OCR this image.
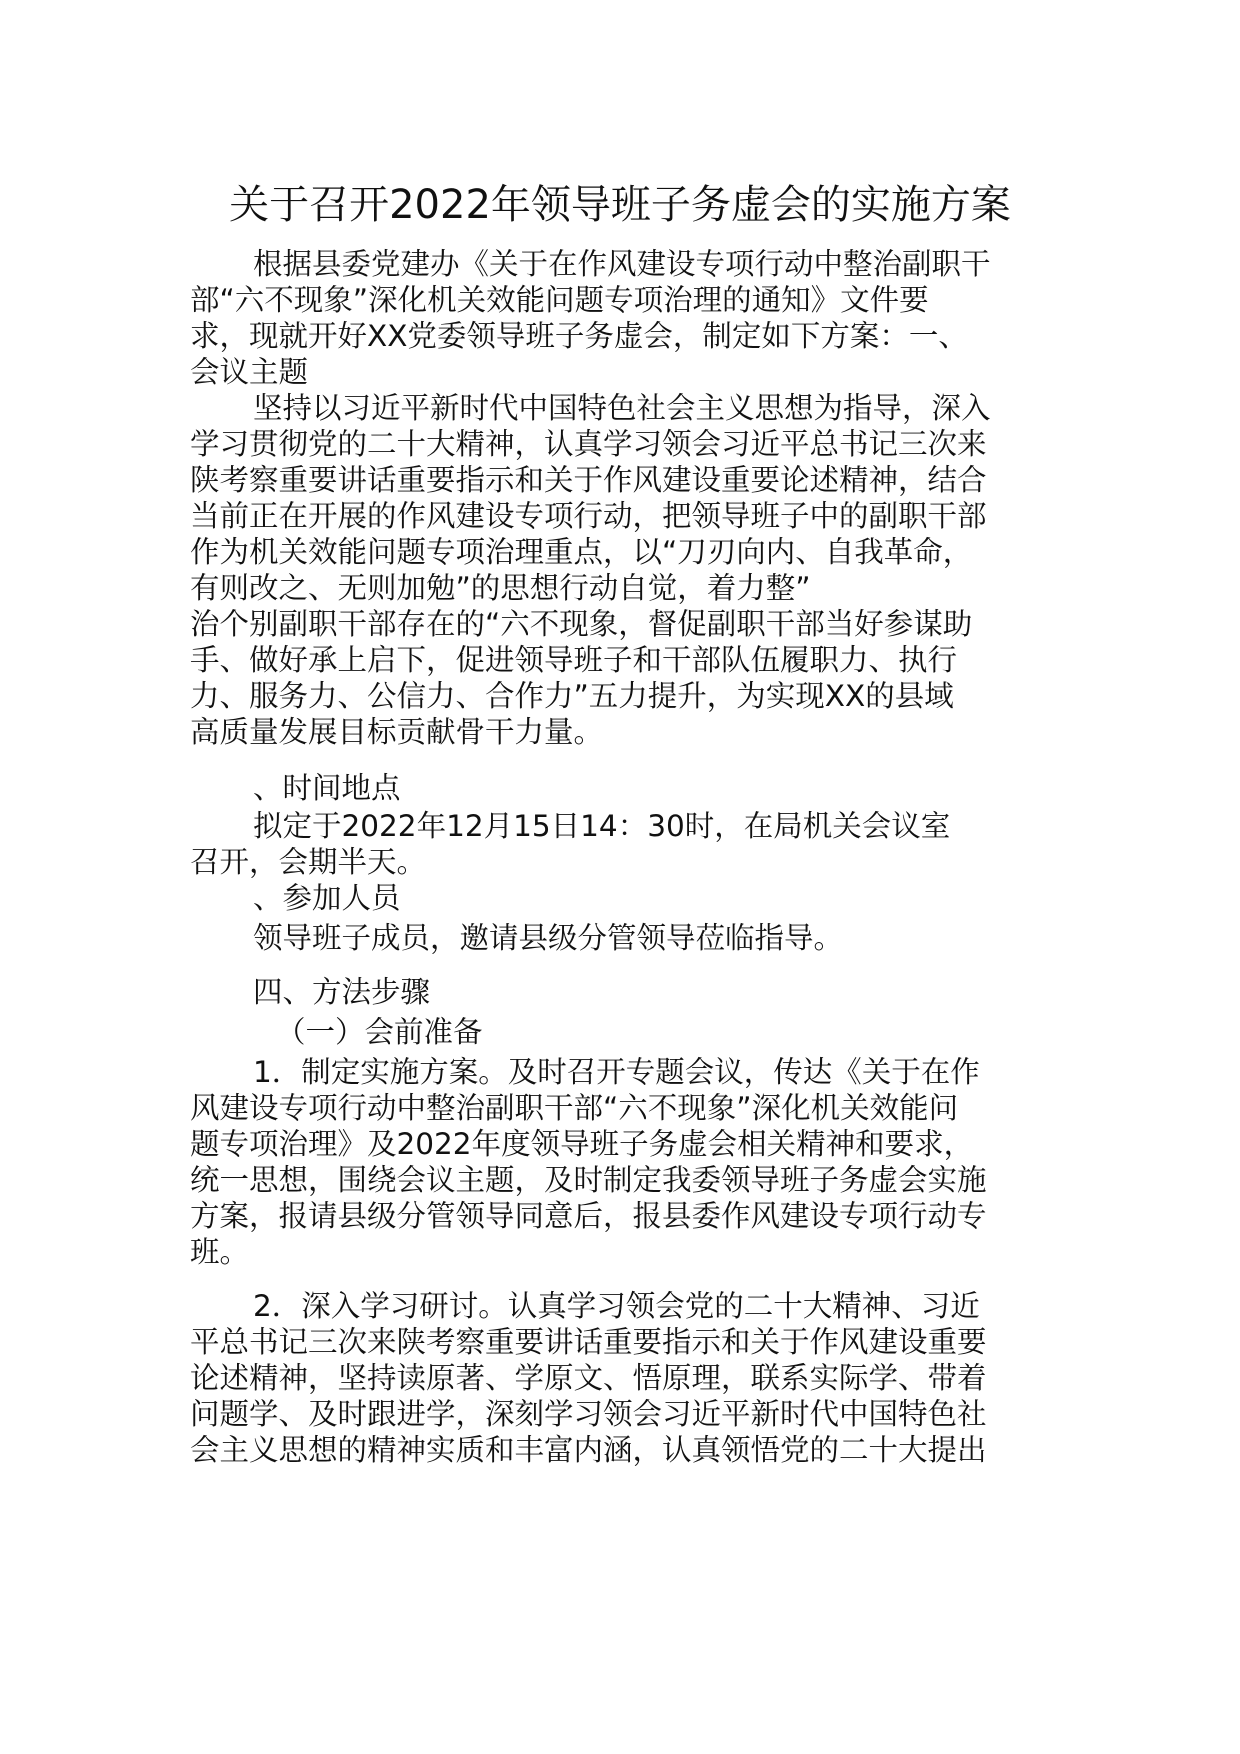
关于召开2022年领导班子务虚会的实施方案
根据县委党建办《关于在作风建设专项行动中整治副职干
部“六不现象”深化机关效能问题专项治理的通知》文件要
求，现就开好XX党委领导班子务虚会，制定如下方案：一、
会议主题
坚持以习近平新时代中国特色社会主义思想为指导，深入
学习贯彻党的二十大精神，认真学习领会习近平总书记三次来
陕考察重要讲话重要指示和关于作风建设重要论述精神，结合
当前正在开展的作风建设专项行动，把领导班子中的副职干部
作为机关效能问题专项治理重点，以“刀刃向内、自我革命，
有则改之、无则加勉”的思想行动自觉，着力整”
治个别副职干部存在的“六不现象，督促副职干部当好参谋助
手、做好承上启下，促进领导班子和干部队伍履职力、执行
力、服务力、公信力、合作力”五力提升，为实现XX的县域
高质量发展目标贡献骨干力量。
、时间地点
拟定于2022年12月15日14：30时，在局机关会议室
召开，会期半天。
、参加人员
领导班子成员，邀请县级分管领导莅临指导。
四、方法步骤
（一）会前准备
1．制定实施方案。及时召开专题会议，传达《关于在作
风建设专项行动中整治副职干部“六不现象”深化机关效能问
题专项治理》及2022年度领导班子务虚会相关精神和要求，
统一思想，围绕会议主题，及时制定我委领导班子务虚会实施
方案，报请县级分管领导同意后，报县委作风建设专项行动专
班。
2．深入学习研讨。认真学习领会党的二十大精神、习近
平总书记三次来陕考察重要讲话重要指示和关于作风建设重要
论述精神，坚持读原著、学原文、悟原理，联系实际学、带着
问题学、及时跟进学，深刻学习领会习近平新时代中国特色社
会主义思想的精神实质和丰富内涵，认真领悟党的二十大提出
